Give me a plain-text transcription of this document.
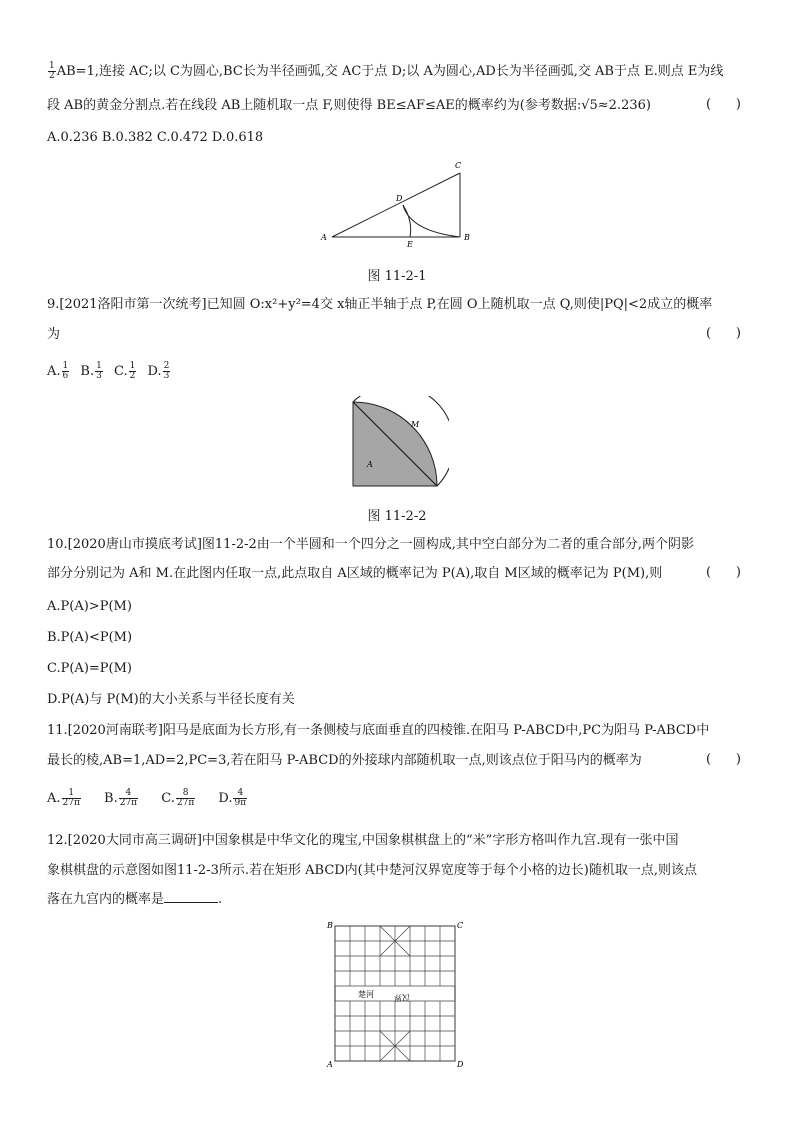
$\frac{1}{2} AB=1$,连接 AC;以 C为圆心,BC长为半径画弧,交 AC于点 D;以 A为圆心,AD长为半径画弧,交 AB于点 E.则点 E为线
段 AB的黄金分割点.若在线段 AB上随机取一点 F,则使得 BE≤AF≤AE的概率约为(参考数据:√5≈2.236)	(      )
A.0.236 B.0.382 C.0.472 D.0.618
A	B
C
D
E
图 11-2-1
9.[2021洛阳市第一次统考]已知圆 O:x²+y²=4交 x轴正半轴于点 P,在圆 O上随机取一点 Q,则使|PQ|<2成立的概率
为	(      )
A. $\frac{1}{6} B$. $\frac{1}{3} C$. $\frac{1}{2} D$. $\frac{2}{3}$
A
M
图 11-2-2
10.[2020唐山市摸底考试]图11-2-2由一个半圆和一个四分之一圆构成,其中空白部分为二者的重合部分,两个阴影
部分分别记为 A和 M.在此图内任取一点,此点取自 A区域的概率记为 P(A),取自 M区域的概率记为 P(M),则	(      )
A.P(A)>P(M)
B.P(A)<P(M)
C.P(A)=P(M)
D.P(A)与 P(M)的大小关系与半径长度有关
11.[2020河南联考]阳马是底面为长方形,有一条侧棱与底面垂直的四棱锥.在阳马 P-ABCD中,PC为阳马 P-ABCD中
最长的棱,AB=1,AD=2,PC=3,若在阳马 P-ABCD的外接球内部随机取一点,则该点位于阳马内的概率为	(      )
A. $\frac{1}{27\pi} B$. $\frac{4}{27\pi} C$. $\frac{8}{27\pi} D$. $\frac{4}{9\pi}$
12.[2020大同市高三调研]中国象棋是中华文化的瑰宝,中国象棋棋盘上的“米”字形方格叫作九宫.现有一张中国
象棋棋盘的示意图如图11-2-3所示.若在矩形 ABCD内(其中楚河汉界宽度等于每个小格的边长)随机取一点,则该点
落在九宫内的概率是	.
楚河	汉界
B	C
A	D
